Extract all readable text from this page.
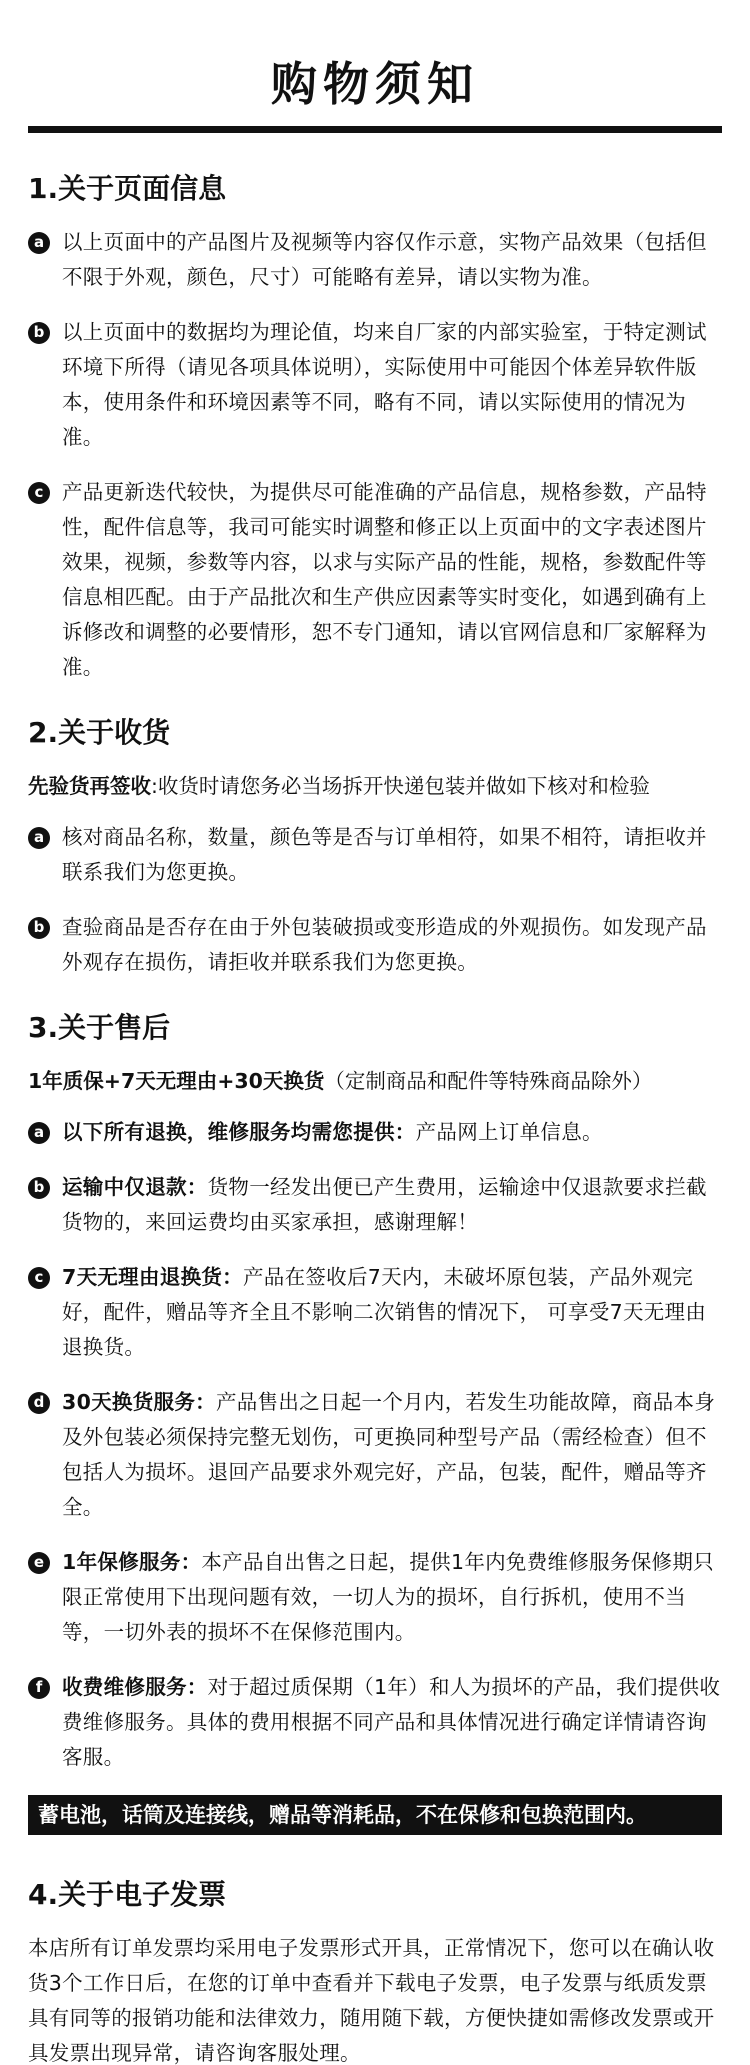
购物须知
1.关于页面信息
a 以上页面中的产品图片及视频等内容仅作示意，实物产品效果（包括但不限于外观，颜色，尺寸）可能略有差异，请以实物为准。
b 以上页面中的数据均为理论值，均来自厂家的内部实验室，于特定测试环境下所得（请见各项具体说明），实际使用中可能因个体差异软件版本，使用条件和环境因素等不同，略有不同，请以实际使用的情况为准。
c 产品更新迭代较快，为提供尽可能准确的产品信息，规格参数，产品特性，配件信息等，我司可能实时调整和修正以上页面中的文字表述图片效果，视频，参数等内容，以求与实际产品的性能，规格，参数配件等信息相匹配。由于产品批次和生产供应因素等实时变化，如遇到确有上诉修改和调整的必要情形，恕不专门通知，请以官网信息和厂家解释为准。
2.关于收货
先验货再签收:收货时请您务必当场拆开快递包装并做如下核对和检验
a 核对商品名称，数量，颜色等是否与订单相符，如果不相符，请拒收并联系我们为您更换。
b 查验商品是否存在由于外包装破损或变形造成的外观损伤。如发现产品外观存在损伤，请拒收并联系我们为您更换。
3.关于售后
1年质保+7天无理由+30天换货（定制商品和配件等特殊商品除外）
a 以下所有退换，维修服务均需您提供：产品网上订单信息。
b 运输中仅退款：货物一经发出便已产生费用，运输途中仅退款要求拦截货物的，来回运费均由买家承担，感谢理解！
c 7天无理由退换货：产品在签收后7天内，未破坏原包装，产品外观完好，配件，赠品等齐全且不影响二次销售的情况下， 可享受7天无理由退换货。
d 30天换货服务：产品售出之日起一个月内，若发生功能故障，商品本身及外包装必须保持完整无划伤，可更换同种型号产品（需经检查）但不包括人为损坏。退回产品要求外观完好，产品，包装，配件，赠品等齐全。
e 1年保修服务：本产品自出售之日起，提供1年内免费维修服务保修期只限正常使用下出现问题有效，一切人为的损坏，自行拆机，使用不当等，一切外表的损坏不在保修范围内。
f 收费维修服务：对于超过质保期（1年）和人为损坏的产品，我们提供收费维修服务。具体的费用根据不同产品和具体情况进行确定详情请咨询客服。
蓄电池，话筒及连接线，赠品等消耗品，不在保修和包换范围内。
4.关于电子发票
本店所有订单发票均采用电子发票形式开具，正常情况下，您可以在确认收货3个工作日后，在您的订单中查看并下载电子发票，电子发票与纸质发票具有同等的报销功能和法律效力，随用随下载，方便快捷如需修改发票或开具发票出现异常，请咨询客服处理。
